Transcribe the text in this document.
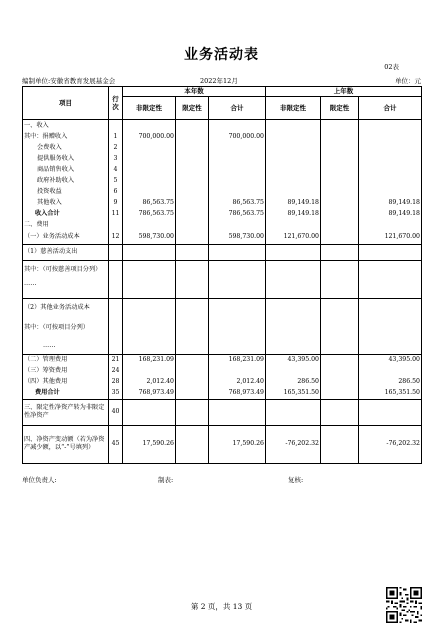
业务活动表
02表
编制单位:安徽省教育发展基金会	2022年12月	单位：元
项目	行次	本年数			上年数		
		非限定性	限定性	合计	非限定性	限定性	合计
一、收入							
其中：捐赠收入	1	700,000.00		700,000.00			
会费收入	2						
提供服务收入	3						
商品销售收入	4						
政府补助收入	5						
投资收益	6						
其他收入	9	86,563.75		86,563.75	89,149.18		89,149.18
收入合计	11	786,563.75		786,563.75	89,149.18		89,149.18
二、费用							
（一）业务活动成本	12	598,730.00		598,730.00	121,670.00		121,670.00
（1）慈善活动支出							
其中：（可按慈善项目分列）							
……							
（2）其他业务活动成本							
其中：（可按项目分列）							
……							
（二）管理费用	21	168,231.09		168,231.09	43,395.00		43,395.00
（三）筹资费用	24						
（四）其他费用	28	2,012.40		2,012.40	286.50		286.50
费用合计	35	768,973.49		768,973.49	165,351.50		165,351.50
三、限定性净资产转为非限定性净资产	40						
四、净资产变动额（若为净资产减少额，以“-”号填列）	45	17,590.26		17,590.26	-76,202.32		-76,202.32
单位负责人:	制表:	复核:
第 2 页，共 13 页
